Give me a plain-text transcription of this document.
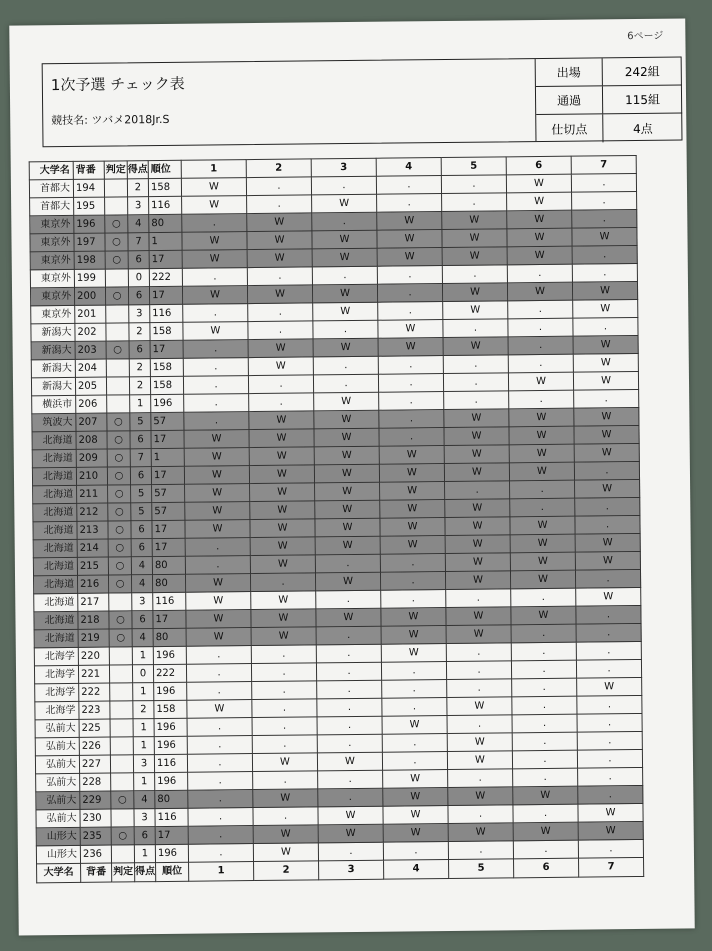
6ページ
1次予選 チェック表
競技名: ツバメ2018Jr.S
出場	242組
通過	115組
仕切点	4点
大学名	背番	判定	得点	順位	1	2	3	4	5	6	7
首都大	194		2	158	W	.	.	.	.	W	.
首都大	195		3	116	W	.	W	.	.	W	.
東京外	196	○	4	80	.	W	.	W	W	W	.
東京外	197	○	7	1	W	W	W	W	W	W	W
東京外	198	○	6	17	W	W	W	W	W	W	.
東京外	199		0	222	.	.	.	.	.	.	.
東京外	200	○	6	17	W	W	W	.	W	W	W
東京外	201		3	116	.	.	W	.	W	.	W
新潟大	202		2	158	W	.	.	W	.	.	.
新潟大	203	○	6	17	.	W	W	W	W	.	W
新潟大	204		2	158	.	W	.	.	.	.	W
新潟大	205		2	158	.	.	.	.	.	W	W
横浜市	206		1	196	.	.	W	.	.	.	.
筑波大	207	○	5	57	.	W	W	.	W	W	W
北海道	208	○	6	17	W	W	W	.	W	W	W
北海道	209	○	7	1	W	W	W	W	W	W	W
北海道	210	○	6	17	W	W	W	W	W	W	.
北海道	211	○	5	57	W	W	W	W	.	.	W
北海道	212	○	5	57	W	W	W	W	W	.	.
北海道	213	○	6	17	W	W	W	W	W	W	.
北海道	214	○	6	17	.	W	W	W	W	W	W
北海道	215	○	4	80	.	W	.	.	W	W	W
北海道	216	○	4	80	W	.	W	.	W	W	.
北海道	217		3	116	W	W	.	.	.	.	W
北海道	218	○	6	17	W	W	W	W	W	W	.
北海道	219	○	4	80	W	W	.	W	W	.	.
北海学	220		1	196	.	.	.	W	.	.	.
北海学	221		0	222	.	.	.	.	.	.	.
北海学	222		1	196	.	.	.	.	.	.	W
北海学	223		2	158	W	.	.	.	W	.	.
弘前大	225		1	196	.	.	.	W	.	.	.
弘前大	226		1	196	.	.	.	.	W	.	.
弘前大	227		3	116	.	W	W	.	W	.	.
弘前大	228		1	196	.	.	.	W	.	.	.
弘前大	229	○	4	80	.	W	.	W	W	W	.
弘前大	230		3	116	.	.	W	W	.	.	W
山形大	235	○	6	17	.	W	W	W	W	W	W
山形大	236		1	196	.	W	.	.	.	.	.
大学名	背番	判定	得点	順位	1	2	3	4	5	6	7
